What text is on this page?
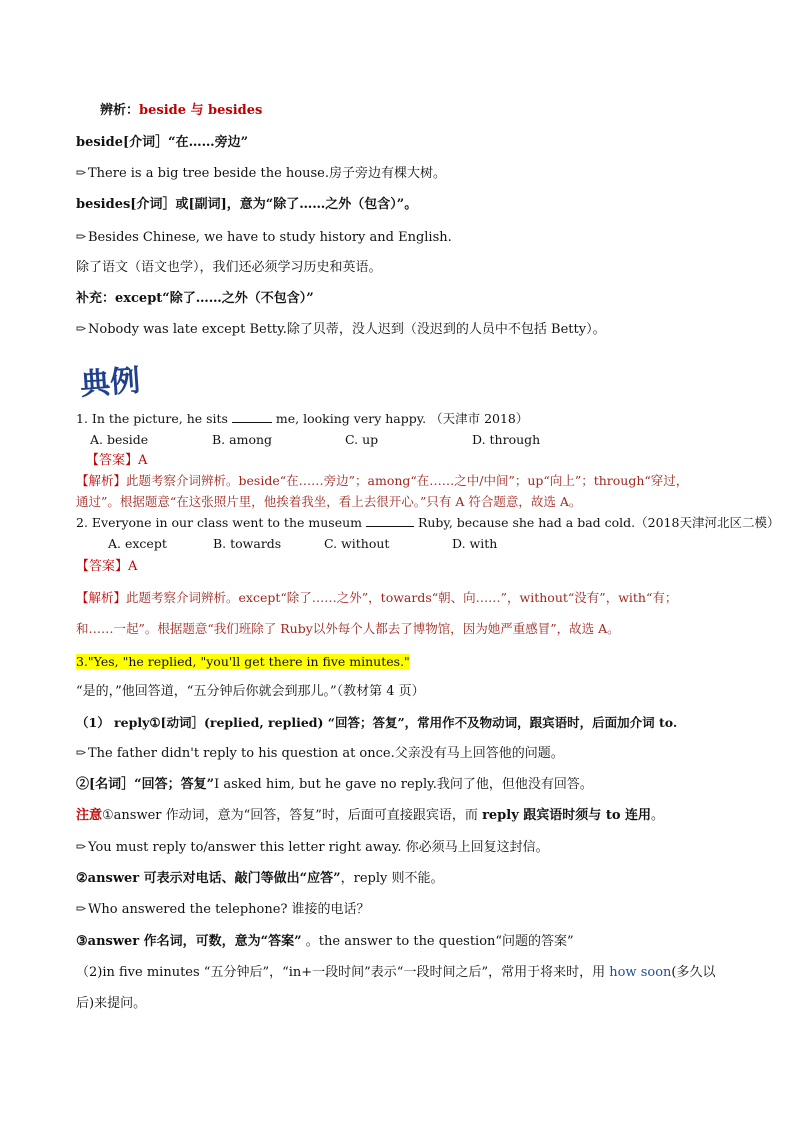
辨析：beside 与 besides
beside[介词］“在……旁边”
There is a big tree beside the house.房子旁边有棵大树。
besides[介词］或[副词]，意为“除了……之外（包含）”。
Besides Chinese, we have to study history and English.
除了语文（语文也学），我们还必须学习历史和英语。
补充：except“除了……之外（不包含）”
Nobody was late except Betty.除了贝蒂，没人迟到（没迟到的人员中不包括 Betty）。
典例
1. In the picture, he sits	me, looking very happy. （天津市 2018）
A. beside	B. among	C. up	D. through
【答案】A
【解析】此题考察介词辨析。beside“在……旁边”；among“在……之中/中间”；up“向上”；through“穿过，
通过”。根据题意“在这张照片里，他挨着我坐，看上去很开心。”只有 A 符合题意，故选 A。
2. Everyone in our class went to the museum	Ruby, because she had a bad cold.（2018天津河北区二模）
A. except	B. towards	C. without	D. with
【答案】A
【解析】此题考察介词辨析。except“除了……之外”，towards“朝、向……”，without“没有”，with“有；
和……一起”。根据题意“我们班除了 Ruby以外每个人都去了博物馆，因为她严重感冒”，故选 A。
3."Yes, "he replied, "you'll get there in five minutes."
“是的，”他回答道，“五分钟后你就会到那儿。”（教材第 4 页）
（1） reply①[动词］(replied, replied) “回答；答复”，常用作不及物动词，跟宾语时，后面加介词 to.
The father didn't reply to his question at once.父亲没有马上回答他的问题。
②[名词］“回答；答复”I asked him, but he gave no reply.我问了他，但他没有回答。
注意①answer 作动词，意为“回答，答复”时，后面可直接跟宾语，而 reply 跟宾语时须与 to 连用。
You must reply to/answer this letter right away. 你必须马上回复这封信。
②answer 可表示对电话、敲门等做出“应答”，reply 则不能。
Who answered the telephone? 谁接的电话？
③answer 作名词，可数，意为“答案” 。the answer to the question“问题的答案”
（2)in five minutes “五分钟后”，“in+一段时间”表示“一段时间之后”，常用于将来时，用 how soon(多久以
后)来提问。
